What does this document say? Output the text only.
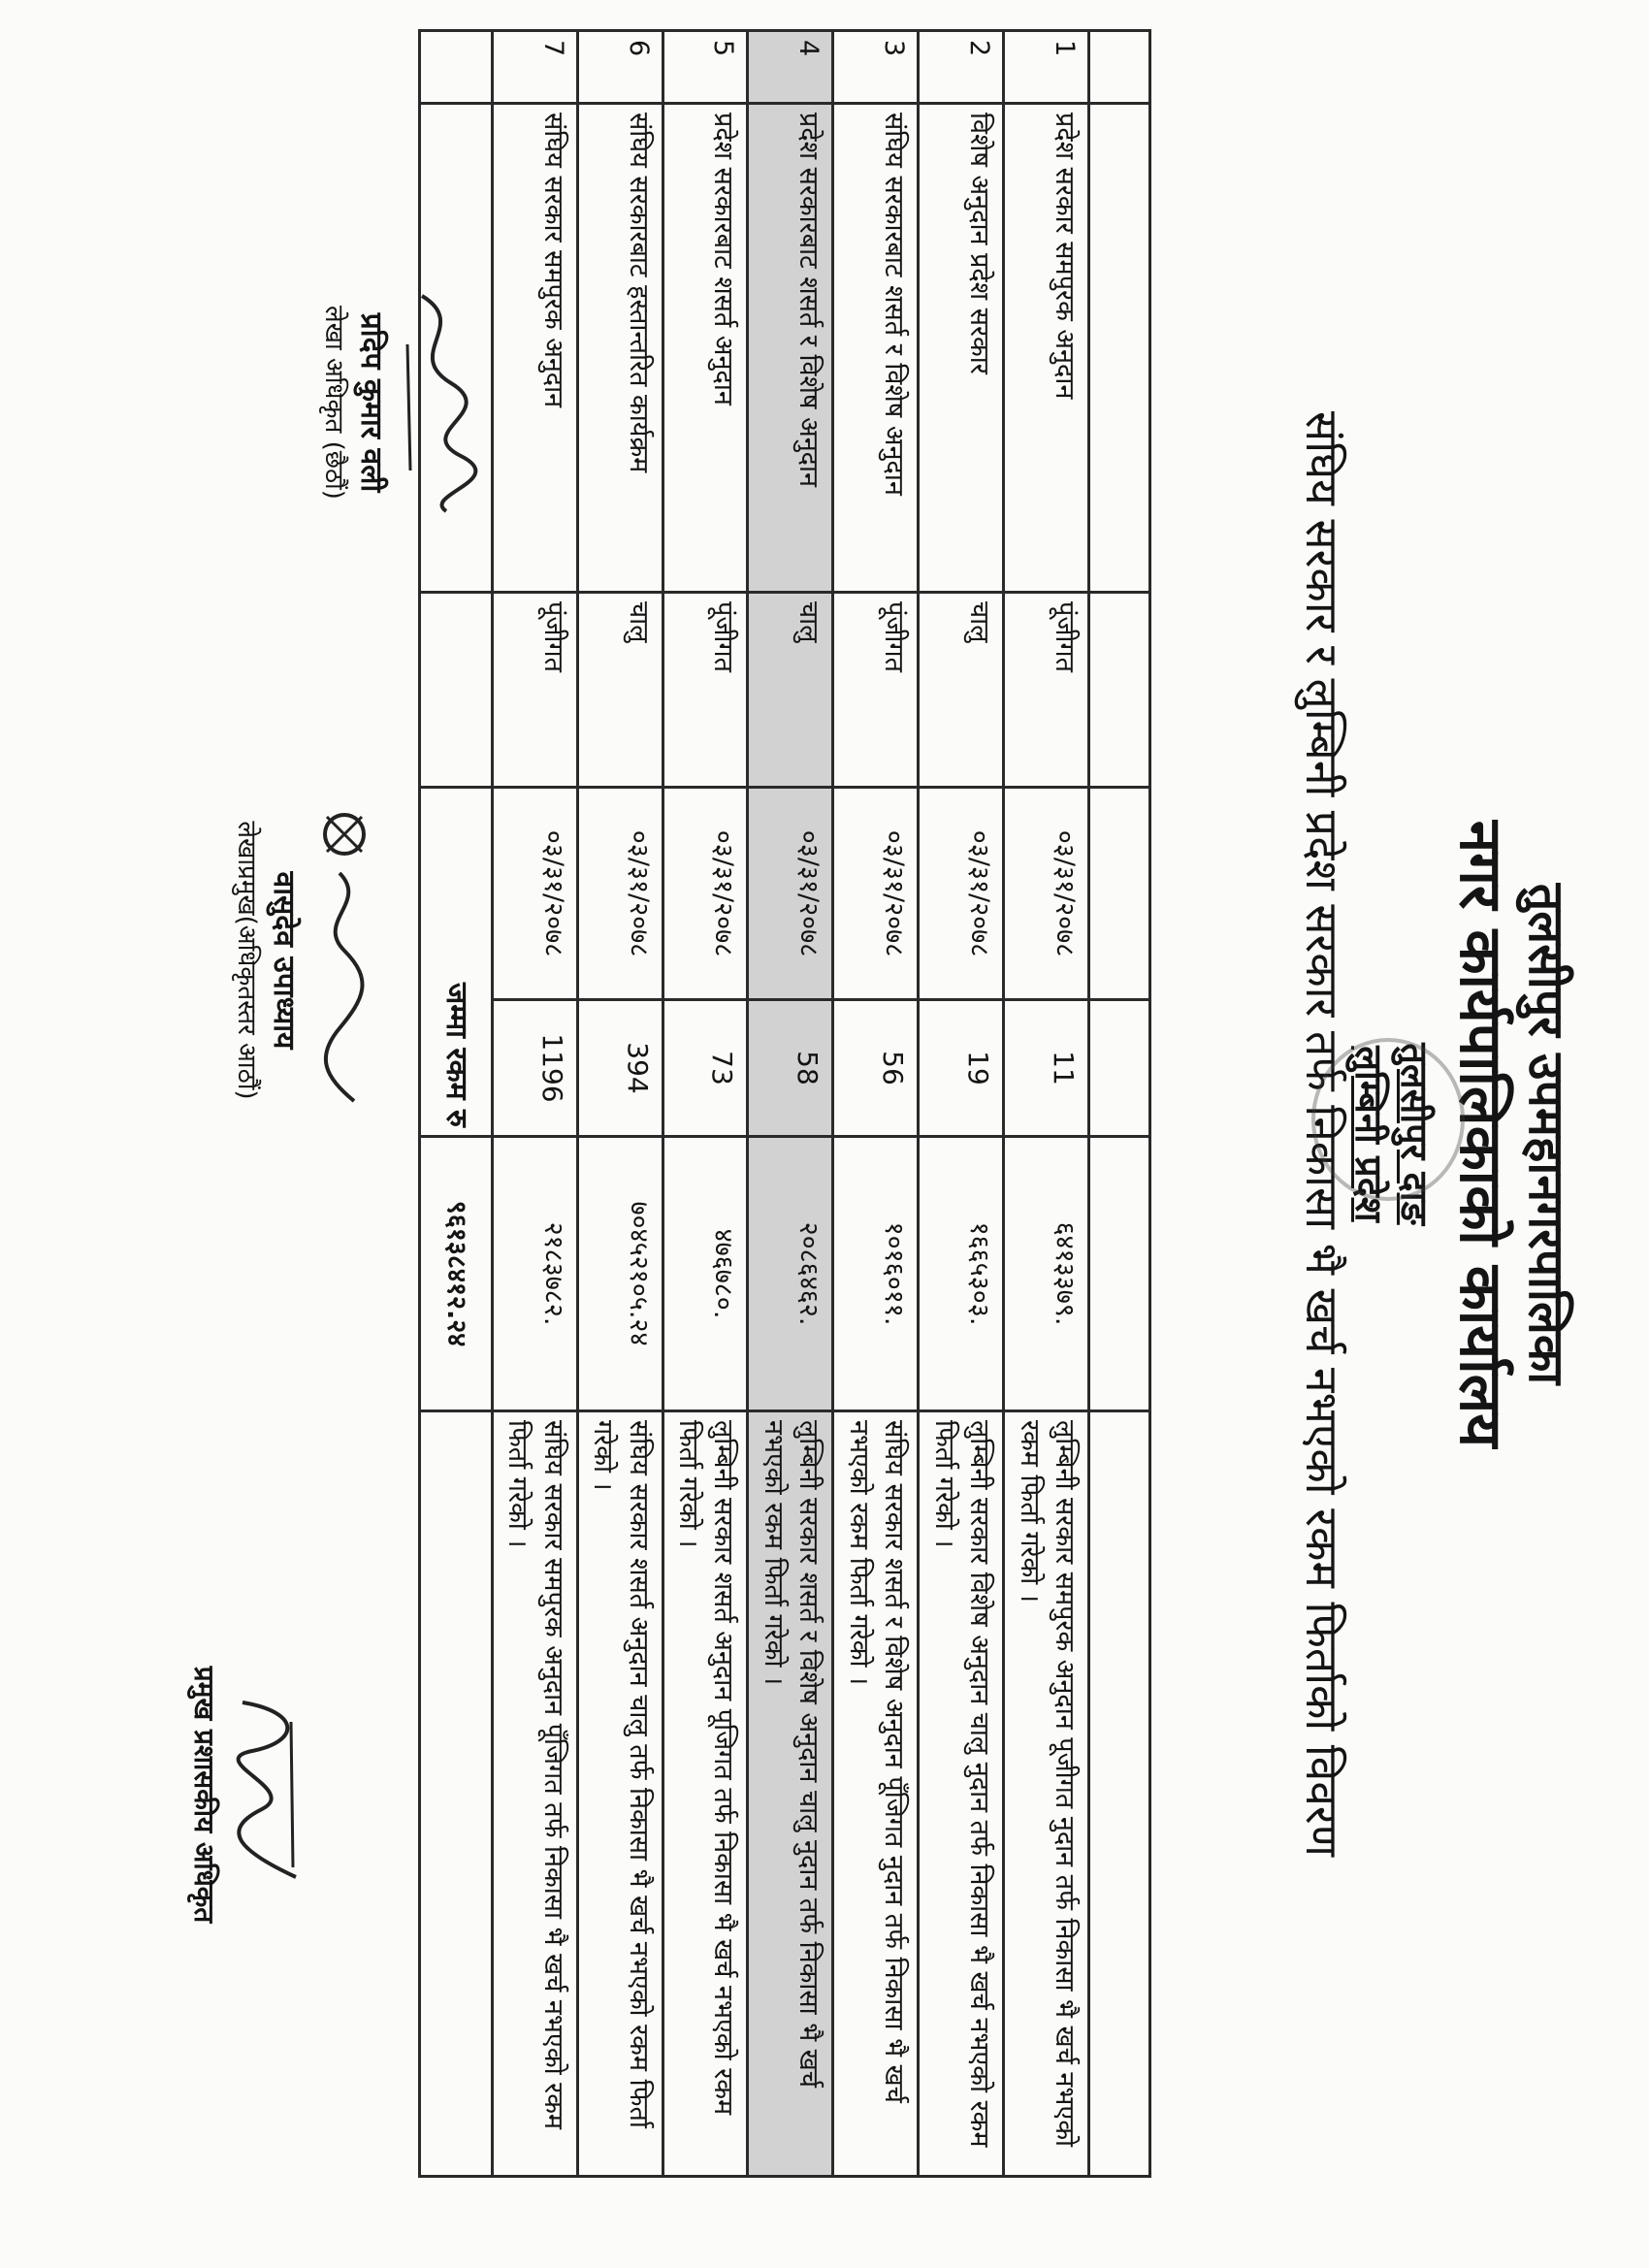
तुलसीपुर उपमहानगरपालिका
नगर कार्यपालिकाको कार्यालय
तुलसीपुर दाङ
लुम्बिनी प्रदेश
संघिय सरकार र लुम्बिनी प्रदेश सरकार तर्फ निकासा भै खर्च नभएको रकम फिर्ताको विवरण

1	प्रदेश सरकार समपुरक अनुदान	पूंजीगत	०३/३१/२०७८	11	६४१३३७९.	लुम्बिनी सरकार समपुरक अनुदान पूजीगत नुदान तर्फ निकासा भै खर्च नभएको रकम फिर्ता गरेको ।
2	विशेष अनुदान प्रदेश सरकार	चालु	०३/३१/२०७८	19	१६६५३०३.	लुम्बिनी सरकार विशेष अनुदान चालु नुदान तर्फ निकासा भै खर्च नभएको रकम फिर्ता गरेको ।
3	संघिय सरकारबाट शसर्त र विशेष अनुदान	पूंजीगत	०३/३१/२०७८	56	१०१६०११.	संघिय सरकार शसर्त र विशेष अनुदान पूँजिगत नुदान तर्फ निकासा भै खर्च नभएको रकम फिर्ता गरेको ।
4	प्रदेश सरकारबाट शसर्त र विशेष अनुदान	चालु	०३/३१/२०७८	58	२०८६४६२.	लुम्बिनी सरकार शसर्त र विशेष अनुदान चालु नुदान तर्फ निकासा भै खर्च नभएको रकम फिर्ता गरेको ।
5	प्रदेश सरकारबाट शसर्त अनुदान	पूंजीगत	०३/३१/२०७८	73	४७६७८०.	लुम्बिनी सरकार शसर्त अनुदान पूजिगत तर्फ निकासा भै खर्च नभएको रकम फिर्ता गरेको ।
6	संघिय सरकारबाट हस्तान्तरित कार्यक्रम	चालु	०३/३१/२०७८	394	७०४५२१०५.२४	संघिय सरकार शसर्त अनुदान चालु तर्फ निकासा भै खर्च नभएको रकम फिर्ता गरेको ।
7	संघिय सरकार समपुरक अनुदान	पूंजीगत	०३/३१/२०७८	1196	२१८३७८२.	संघिय सरकार समपुरक अनुदान पूँजिगत तर्फ निकासा भै खर्च नभएको रकम फिर्ता गरेको ।
			जम्मा रकम रु		९६१३८४१२.२४	
प्रदिप कुमार वली
लेखा अधिकृत (छैठौं)
वासुदेव उपाध्याय
लेखाप्रमुख(अधिकृतस्तर आठौं)
प्रमुख प्रशासकीय अधिकृत
